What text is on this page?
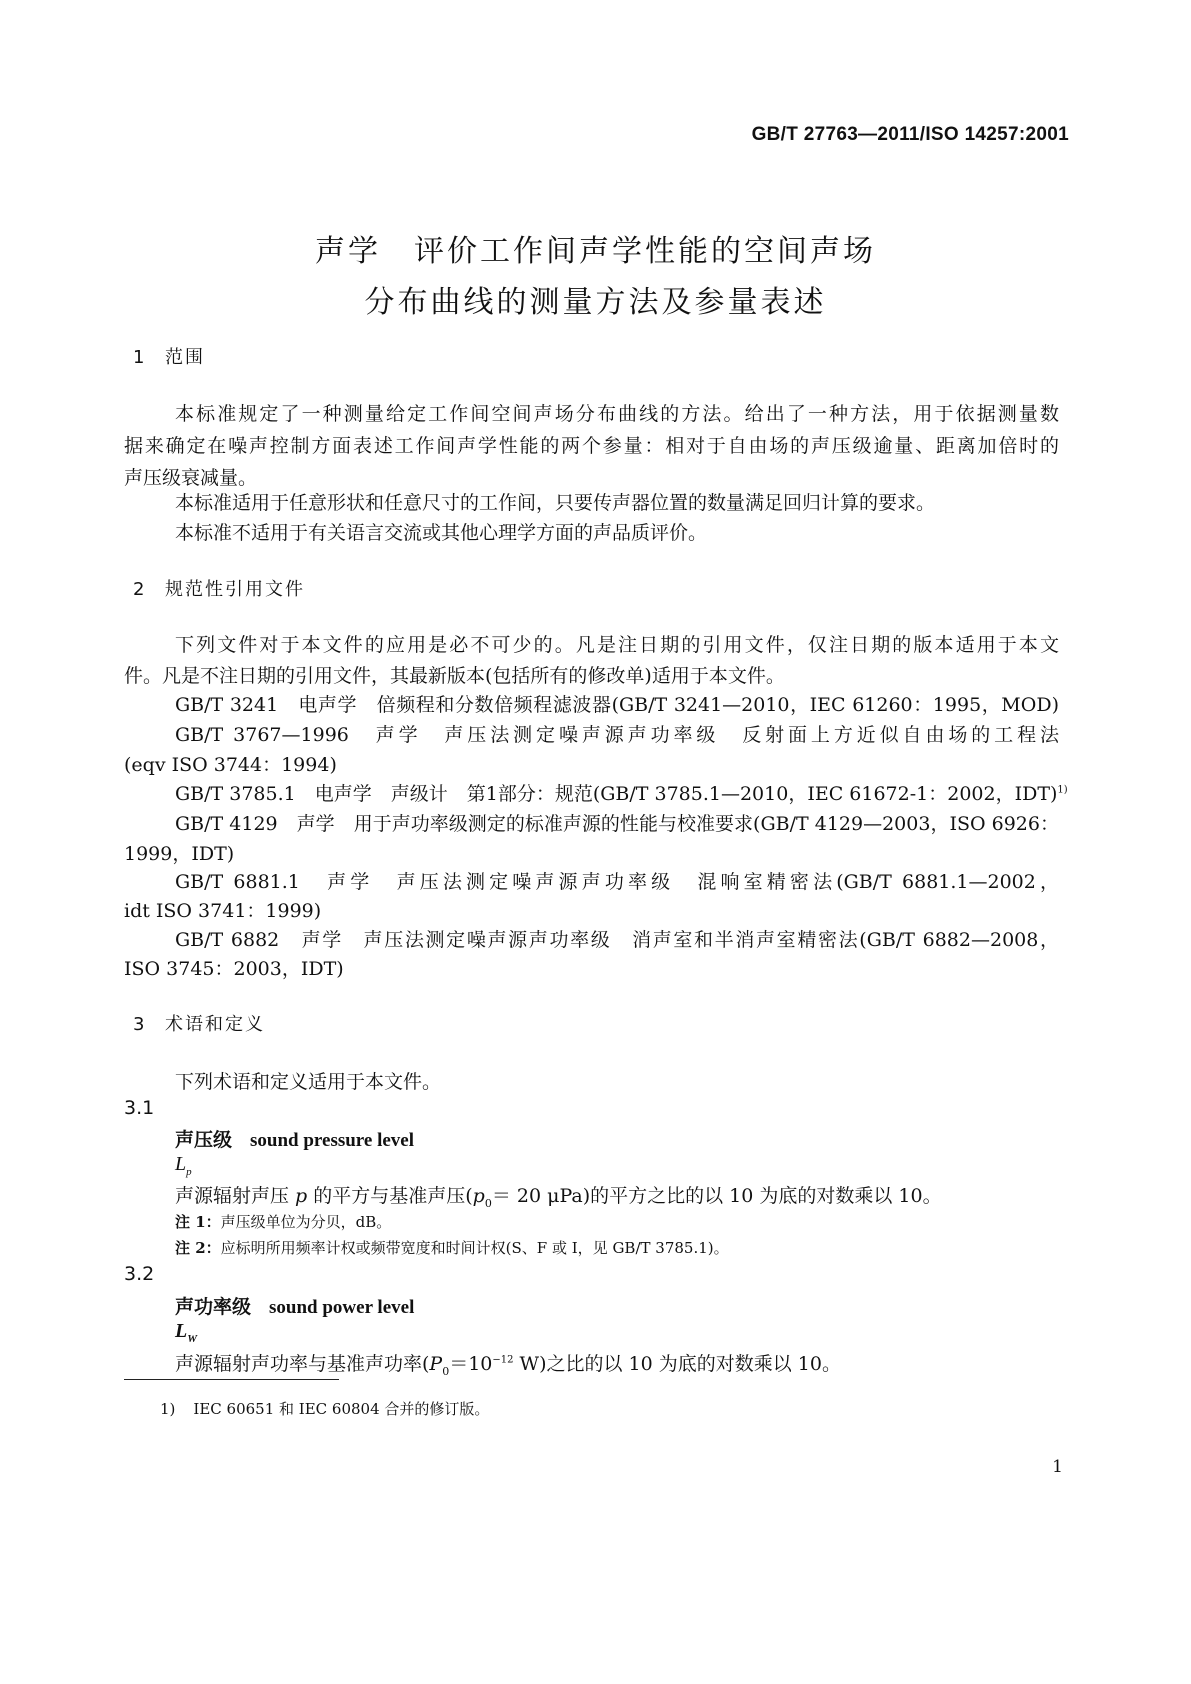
GB/T 27763—2011/ISO 14257:2001
声学　评价工作间声学性能的空间声场
分布曲线的测量方法及参量表述
1 范围
本标准规定了一种测量给定工作间空间声场分布曲线的方法。给出了一种方法，用于依据测量数
据来确定在噪声控制方面表述工作间声学性能的两个参量：相对于自由场的声压级逾量、距离加倍时的
声压级衰减量。
本标准适用于任意形状和任意尺寸的工作间，只要传声器位置的数量满足回归计算的要求。
本标准不适用于有关语言交流或其他心理学方面的声品质评价。
2 规范性引用文件
下列文件对于本文件的应用是必不可少的。凡是注日期的引用文件，仅注日期的版本适用于本文
件。凡是不注日期的引用文件，其最新版本(包括所有的修改单)适用于本文件。
GB/T 3241　电声学　倍频程和分数倍频程滤波器(GB/T 3241—2010，IEC 61260：1995，MOD)
GB/T 3767—1996　声学　声压法测定噪声源声功率级　反射面上方近似自由场的工程法
(eqv ISO 3744：1994)
GB/T 3785.1　电声学　声级计　第1部分：规范(GB/T 3785.1—2010，IEC 61672-1：2002，IDT)$^{1)}$
GB/T 4129　声学　用于声功率级测定的标准声源的性能与校准要求(GB/T 4129—2003，ISO 6926：
1999，IDT)
GB/T 6881.1　声学　声压法测定噪声源声功率级　混响室精密法(GB/T 6881.1—2002，
idt ISO 3741：1999)
GB/T 6882　声学　声压法测定噪声源声功率级　消声室和半消声室精密法(GB/T 6882—2008，
ISO 3745：2003，IDT)
3 术语和定义
下列术语和定义适用于本文件。
3.1
声压级 sound pressure level
$L_p$
声源辐射声压 p 的平方与基准声压($p_0= 20$ μPa)的平方之比的以 10 为底的对数乘以 10。
注 1：声压级单位为分贝，dB。
注 2：应标明所用频率计权或频带宽度和时间计权(S、F 或 I，见 GB/T 3785.1)。
3.2
声功率级 sound power level
$L_W$
声源辐射声功率与基准声功率($P_0=10^{-12}$ W)之比的以 10 为底的对数乘以 10。
1) IEC 60651 和 IEC 60804 合并的修订版。
1
